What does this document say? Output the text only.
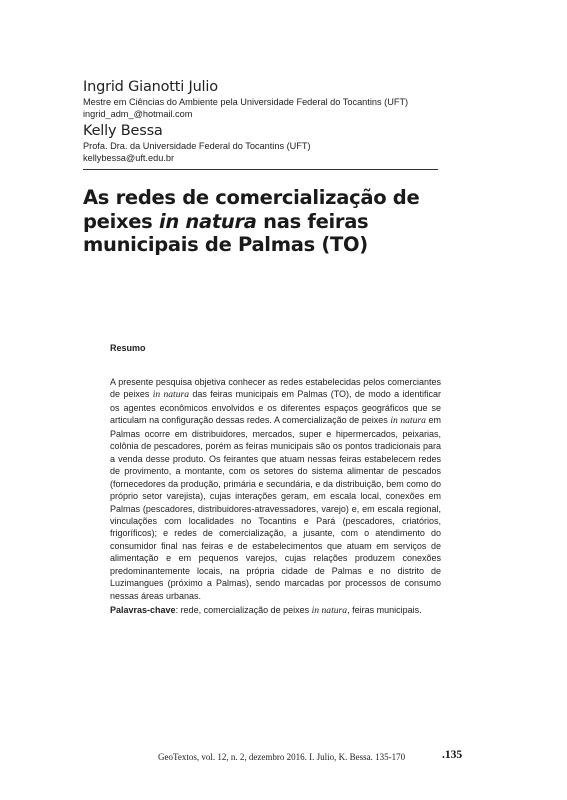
Ingrid Gianotti Julio
Mestre em Ciências do Ambiente pela Universidade Federal do Tocantins (UFT)
ingrid_adm_@hotmail.com
Kelly Bessa
Profa. Dra. da Universidade Federal do Tocantins (UFT)
kellybessa@uft.edu.br
As redes de comercialização de peixes in natura nas feiras municipais de Palmas (TO)
Resumo

A presente pesquisa objetiva conhecer as redes estabelecidas pelos comerciantes de peixes in natura das feiras municipais em Palmas (TO), de modo a identificar os agentes econômicos envolvidos e os diferentes espaços geográficos que se articulam na configuração dessas redes. A comercialização de peixes in natura em Palmas ocorre em distribuidores, mercados, super e hipermercados, peixarias, colônia de pescadores, porém as feiras municipais são os pontos tradicionais para a venda desse produto. Os feirantes que atuam nessas feiras estabelecem redes de provimento, a montante, com os setores do sistema alimentar de pescados (fornecedores da produção, primária e secundária, e da distribuição, bem como do próprio setor varejista), cujas interações geram, em escala local, conexões em Palmas (pescadores, distribuidores-atravessadores, varejo) e, em escala regional, vinculações com localidades no Tocantins e Pará (pescadores, criatórios, frigoríficos); e redes de comercialização, a jusante, com o atendimento do consumidor final nas feiras e de estabelecimentos que atuam em serviços de alimentação e em pequenos varejos, cujas relações produzem conexões predominantemente locais, na própria cidade de Palmas e no distrito de Luzimangues (próximo a Palmas), sendo marcadas por processos de consumo nessas áreas urbanas.

Palavras-chave: rede, comercialização de peixes in natura, feiras municipais.

GeoTextos, vol. 12, n. 2, dezembro 2016. I. Julio, K. Bessa. 135-170	.135
